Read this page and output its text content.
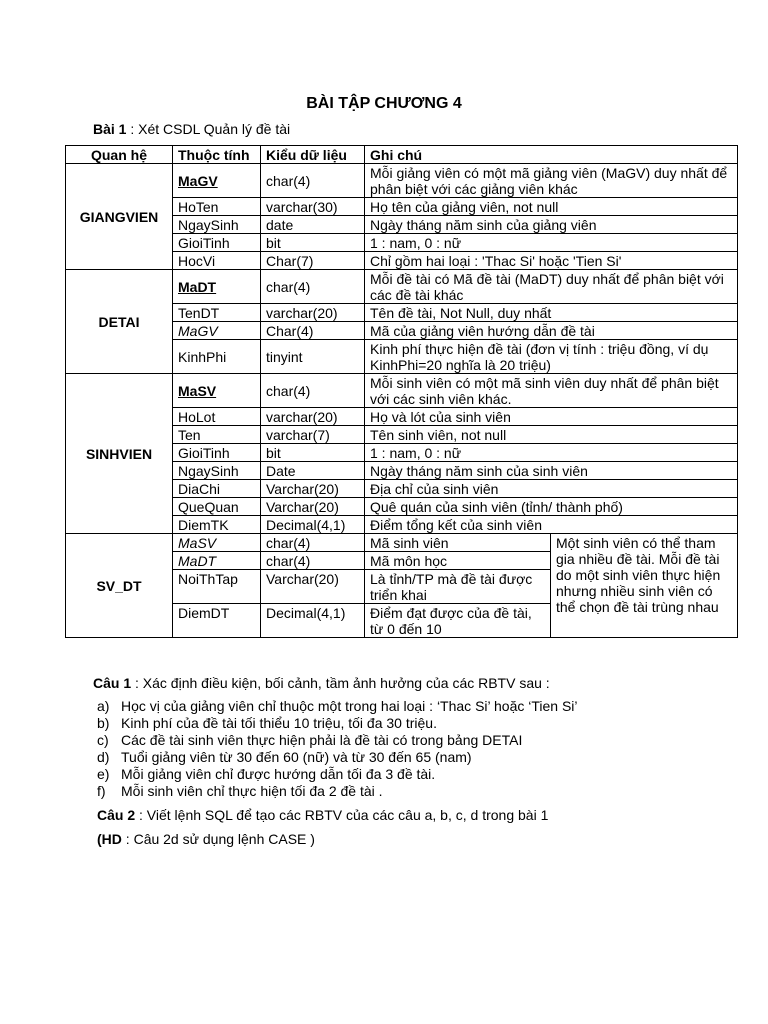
BÀI TẬP CHƯƠNG 4
Bài 1 : Xét CSDL Quản lý đề tài
Quan hệ	Thuộc tính	Kiểu dữ liệu	Ghi chú	
GIANGVIEN	MaGV	char(4)	Mỗi giảng viên có một mã giảng viên (MaGV) duy nhất để phân biệt với các giảng viên khác	
	HoTen	varchar(30)	Họ tên của giảng viên, not null	
	NgaySinh	date	Ngày tháng năm sinh của giảng viên	
	GioiTinh	bit	1 : nam, 0 : nữ	
	HocVi	Char(7)	Chỉ gồm hai loại : 'Thac Si' hoặc 'Tien Si'	
DETAI	MaDT	char(4)	Mỗi đề tài có Mã đề tài (MaDT) duy nhất để phân biệt với các đề tài khác	
	TenDT	varchar(20)	Tên đề tài, Not Null, duy nhất	
	MaGV	Char(4)	Mã của giảng viên hướng dẫn đề tài	
	KinhPhi	tinyint	Kinh phí thực hiện đề tài (đơn vị tính : triệu đồng, ví dụ KinhPhi=20 nghĩa là 20 triệu)	
SINHVIEN	MaSV	char(4)	Mỗi sinh viên có một mã sinh viên duy nhất để phân biệt với các sinh viên khác.	
	HoLot	varchar(20)	Họ và lót của sinh viên	
	Ten	varchar(7)	Tên sinh viên, not null	
	GioiTinh	bit	1 : nam, 0 : nữ	
	NgaySinh	Date	Ngày tháng năm sinh của sinh viên	
	DiaChi	Varchar(20)	Địa chỉ của sinh viên	
	QueQuan	Varchar(20)	Quê quán của sinh viên (tỉnh/ thành phố)	
	DiemTK	Decimal(4,1)	Điểm tổng kết của sinh viên	
SV_DT	MaSV	char(4)	Mã sinh viên	Một sinh viên có thể tham gia nhiều đề tài. Mỗi đề tài do một sinh viên thực hiện nhưng nhiều sinh viên có thể chọn đề tài trùng nhau
	MaDT	char(4)	Mã môn học	
	NoiThTap	Varchar(20)	Là tỉnh/TP mà đề tài được triển khai	
	DiemDT	Decimal(4,1)	Điểm đạt được của đề tài, từ 0 đến 10	
Câu 1 : Xác định điều kiện, bối cảnh, tầm ảnh hưởng của các RBTV sau :
a) Học vị của giảng viên chỉ thuộc một trong hai loại : ‘Thac Si’ hoặc ‘Tien Si’
b) Kinh phí của đề tài tối thiểu 10 triệu, tối đa 30 triệu.
c) Các đề tài sinh viên thực hiện phải là đề tài có trong bảng DETAI
d) Tuổi giảng viên từ 30 đến 60 (nữ) và từ 30 đến 65 (nam)
e) Mỗi giảng viên chỉ được hướng dẫn tối đa 3 đề tài.
f)	Mỗi sinh viên chỉ thực hiện tối đa 2 đề tài .
Câu 2 : Viết lệnh SQL để tạo các RBTV của các câu a, b, c, d trong bài 1
(HD : Câu 2d sử dụng lệnh CASE )
